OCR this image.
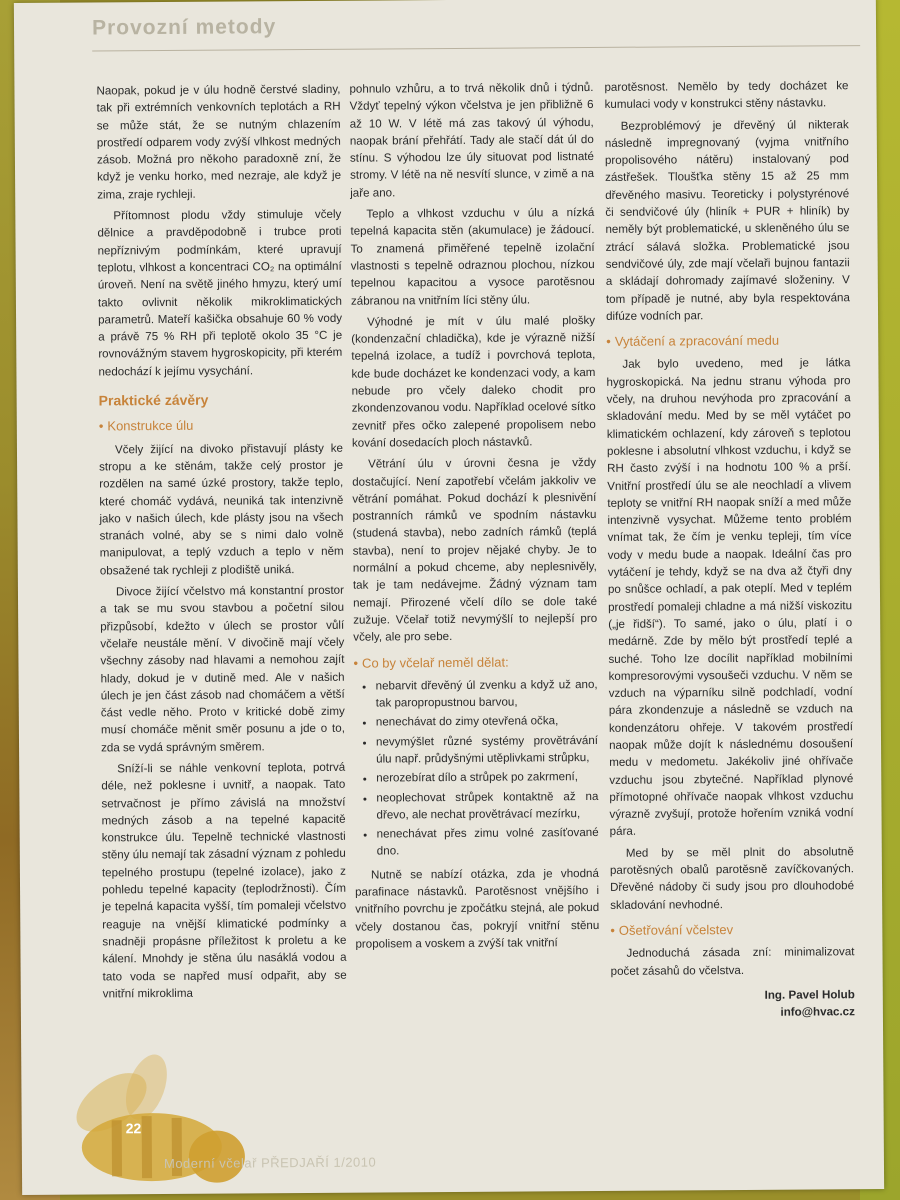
Provozní metody

Naopak, pokud je v úlu hodně čerstvé sladiny, tak při extrémních venkovních teplotách a RH se může stát, že se nutným chlazením prostředí odparem vody zvýší vlhkost medných zásob. Možná pro někoho paradoxně zní, že když je venku horko, med nezraje, ale když je zima, zraje rychleji.

Přítomnost plodu vždy stimuluje včely dělnice a pravděpodobně i trubce proti nepříznivým podmínkám, které upravují teplotu, vlhkost a koncentraci CO₂ na optimální úroveň. Není na světě jiného hmyzu, který umí takto ovlivnit několik mikroklimatických parametrů. Mateří kašička obsahuje 60 % vody a právě 75 % RH při teplotě okolo 35 °C je rovnovážným stavem hygroskopicity, při kterém nedochází k jejímu vysychání.

Praktické závěry
• Konstrukce úlu

Včely žijící na divoko přistavují plásty ke stropu a ke stěnám, takže celý prostor je rozdělen na samé úzké prostory, takže teplo, které chomáč vydává, neuniká tak intenzivně jako v našich úlech, kde plásty jsou na všech stranách volné, aby se s nimi dalo volně manipulovat, a teplý vzduch a teplo v něm obsažené tak rychleji z plodiště uniká.

Divoce žijící včelstvo má konstantní prostor a tak se mu svou stavbou a početní silou přizpůsobí, kdežto v úlech se prostor vůlí včelaře neustále mění. V divočině mají včely všechny zásoby nad hlavami a nemohou zajít hlady, dokud je v dutině med. Ale v našich úlech je jen část zásob nad chomáčem a větší část vedle něho. Proto v kritické době zimy musí chomáče měnit směr posunu a jde o to, zda se vydá správným směrem.

Sníží-li se náhle venkovní teplota, potrvá déle, než poklesne i uvnitř, a naopak. Tato setrvačnost je přímo závislá na množství medných zásob a na tepelné kapacitě konstrukce úlu. Tepelně technické vlastnosti stěny úlu nemají tak zásadní význam z pohledu tepelného prostupu (tepelné izolace), jako z pohledu tepelné kapacity (teplodržnosti). Čím je tepelná kapacita vyšší, tím pomaleji včelstvo reaguje na vnější klimatické podmínky a snadněji propásne příležitost k proletu a ke kálení. Mnohdy je stěna úlu nasáklá vodou a tato voda se napřed musí odpařit, aby se vnitřní mikroklima

pohnulo vzhůru, a to trvá několik dnů i týdnů. Vždyť tepelný výkon včelstva je jen přibližně 6 až 10 W. V létě má zas takový úl výhodu, naopak brání přehřátí. Tady ale stačí dát úl do stínu. S výhodou lze úly situovat pod listnaté stromy. V létě na ně nesvítí slunce, v zimě a na jaře ano.

Teplo a vlhkost vzduchu v úlu a nízká tepelná kapacita stěn (akumulace) je žádoucí. To znamená přiměřené tepelně izolační vlastnosti s tepelně odraznou plochou, nízkou tepelnou kapacitou a vysoce parotěsnou zábranou na vnitřním líci stěny úlu.

Výhodné je mít v úlu malé plošky (kondenzační chladička), kde je výrazně nižší tepelná izolace, a tudíž i povrchová teplota, kde bude docházet ke kondenzaci vody, a kam nebude pro včely daleko chodit pro zkondenzovanou vodu. Například ocelové sítko zevnitř přes očko zalepené propolisem nebo kování dosedacích ploch nástavků.

Větrání úlu v úrovni česna je vždy dostačující. Není zapotřebí včelám jakkoliv ve větrání pomáhat. Pokud dochází k plesnivění postranních rámků ve spodním nástavku (studená stavba), nebo zadních rámků (teplá stavba), není to projev nějaké chyby. Je to normální a pokud chceme, aby neplesnivěly, tak je tam nedávejme. Žádný význam tam nemají. Přirozené včelí dílo se dole také zužuje. Včelař totiž nevymýšlí to nejlepší pro včely, ale pro sebe.

• Co by včelař neměl dělat:
• nebarvit dřevěný úl zvenku a když už ano, tak paropropustnou barvou,
• nenechávat do zimy otevřená očka,
• nevymýšlet různé systémy provětrávání úlu např. průdyšnými utěplivkami strůpku,
• nerozebírat dílo a strůpek po zakrmení,
• neoplechovat strůpek kontaktně až na dřevo, ale nechat provětrávací mezírku,
• nenechávat přes zimu volné zasíťované dno.

Nutně se nabízí otázka, zda je vhodná parafinace nástavků. Parotěsnost vnějšího i vnitřního povrchu je zpočátku stejná, ale pokud včely dostanou čas, pokryjí vnitřní stěnu propolisem a voskem a zvýší tak vnitřní

parotěsnost. Nemělo by tedy docházet ke kumulaci vody v konstrukci stěny nástavku.

Bezproblémový je dřevěný úl nikterak následně impregnovaný (vyjma vnitřního propolisového nátěru) instalovaný pod zástřešek. Tloušťka stěny 15 až 25 mm dřevěného masivu. Teoreticky i polystyrénové či sendvičové úly (hliník + PUR + hliník) by neměly být problematické, u skleněného úlu se ztrácí sálavá složka. Problematické jsou sendvičové úly, zde mají včelaři bujnou fantazii a skládají dohromady zajímavé složeniny. V tom případě je nutné, aby byla respektována difúze vodních par.

• Vytáčení a zpracování medu

Jak bylo uvedeno, med je látka hygroskopická. Na jednu stranu výhoda pro včely, na druhou nevýhoda pro zpracování a skladování medu. Med by se měl vytáčet po klimatickém ochlazení, kdy zároveň s teplotou poklesne i absolutní vlhkost vzduchu, i když se RH často zvýší i na hodnotu 100 % a prší. Vnitřní prostředí úlu se ale neochladí a vlivem teploty se vnitřní RH naopak sníží a med může intenzivně vysychat. Můžeme tento problém vnímat tak, že čím je venku tepleji, tím více vody v medu bude a naopak. Ideální čas pro vytáčení je tehdy, když se na dva až čtyři dny po snůšce ochladí, a pak oteplí. Med v teplém prostředí pomaleji chladne a má nižší viskozitu („je řidší“). To samé, jako o úlu, platí i o medárně. Zde by mělo být prostředí teplé a suché. Toho lze docílit například mobilními kompresorovými vysoušeči vzduchu. V něm se vzduch na výparníku silně podchladí, vodní pára zkondenzuje a následně se vzduch na kondenzátoru ohřeje. V takovém prostředí naopak může dojít k následnému dosoušení medu v medometu. Jakékoliv jiné ohřívače vzduchu jsou zbytečné. Například plynové přímotopné ohřívače naopak vlhkost vzduchu výrazně zvyšují, protože hořením vzniká vodní pára.

Med by se měl plnit do absolutně parotěsných obalů parotěsně zavíčkovaných. Dřevěné nádoby či sudy jsou pro dlouhodobé skladování nevhodné.

• Ošetřování včelstev

Jednoduchá zásada zní: minimalizovat počet zásahů do včelstva.

Ing. Pavel Holub
info@hvac.cz
22
Moderní včelař PŘEDJAŘÍ 1/2010
